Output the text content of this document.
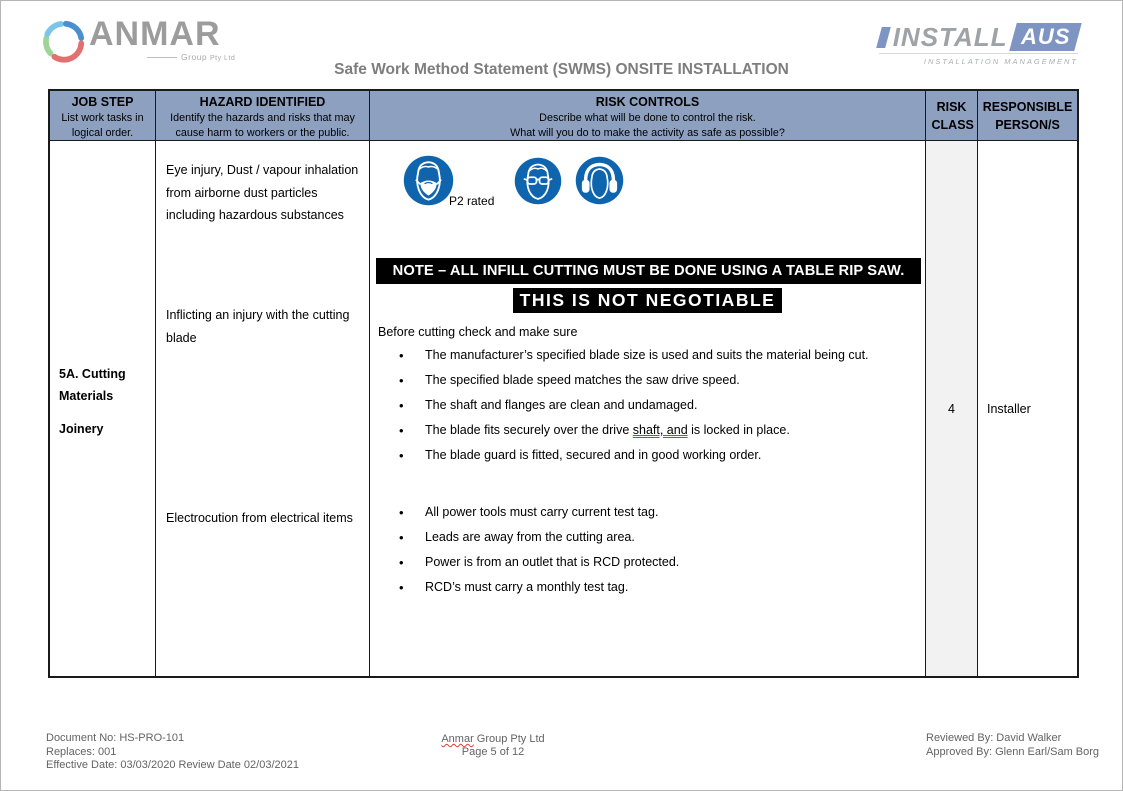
ANMAR
Group Pty Ltd
INSTALL AUS
INSTALLATION MANAGEMENT
Safe Work Method Statement (SWMS) ONSITE INSTALLATION
JOB STEP
List work tasks in logical order.
HAZARD IDENTIFIED
Identify the hazards and risks that may cause harm to workers or the public.
RISK CONTROLS
Describe what will be done to control the risk.
What will you do to make the activity as safe as possible?
RISK CLASS
RESPONSIBLE PERSON/S
5A. Cutting Materials
Joinery

Eye injury, Dust / vapour inhalation from airborne dust particles including hazardous substances

Inflicting an injury with the cutting blade

Electrocution from electrical items

P2 rated
NOTE – ALL INFILL CUTTING MUST BE DONE USING A TABLE RIP SAW.
THIS IS NOT NEGOTIABLE
Before cutting check and make sure
• The manufacturer’s specified blade size is used and suits the material being cut.
• The specified blade speed matches the saw drive speed.
• The shaft and flanges are clean and undamaged.
• The blade fits securely over the drive shaft, and is locked in place.
• The blade guard is fitted, secured and in good working order.
• All power tools must carry current test tag.
• Leads are away from the cutting area.
• Power is from an outlet that is RCD protected.
• RCD’s must carry a monthly test tag.
4	Installer
Document No: HS-PRO-101
Replaces: 001
Effective Date: 03/03/2020 Review Date 02/03/2021
Anmar Group Pty Ltd
Page 5 of 12
Reviewed By: David Walker
Approved By: Glenn Earl/Sam Borg
